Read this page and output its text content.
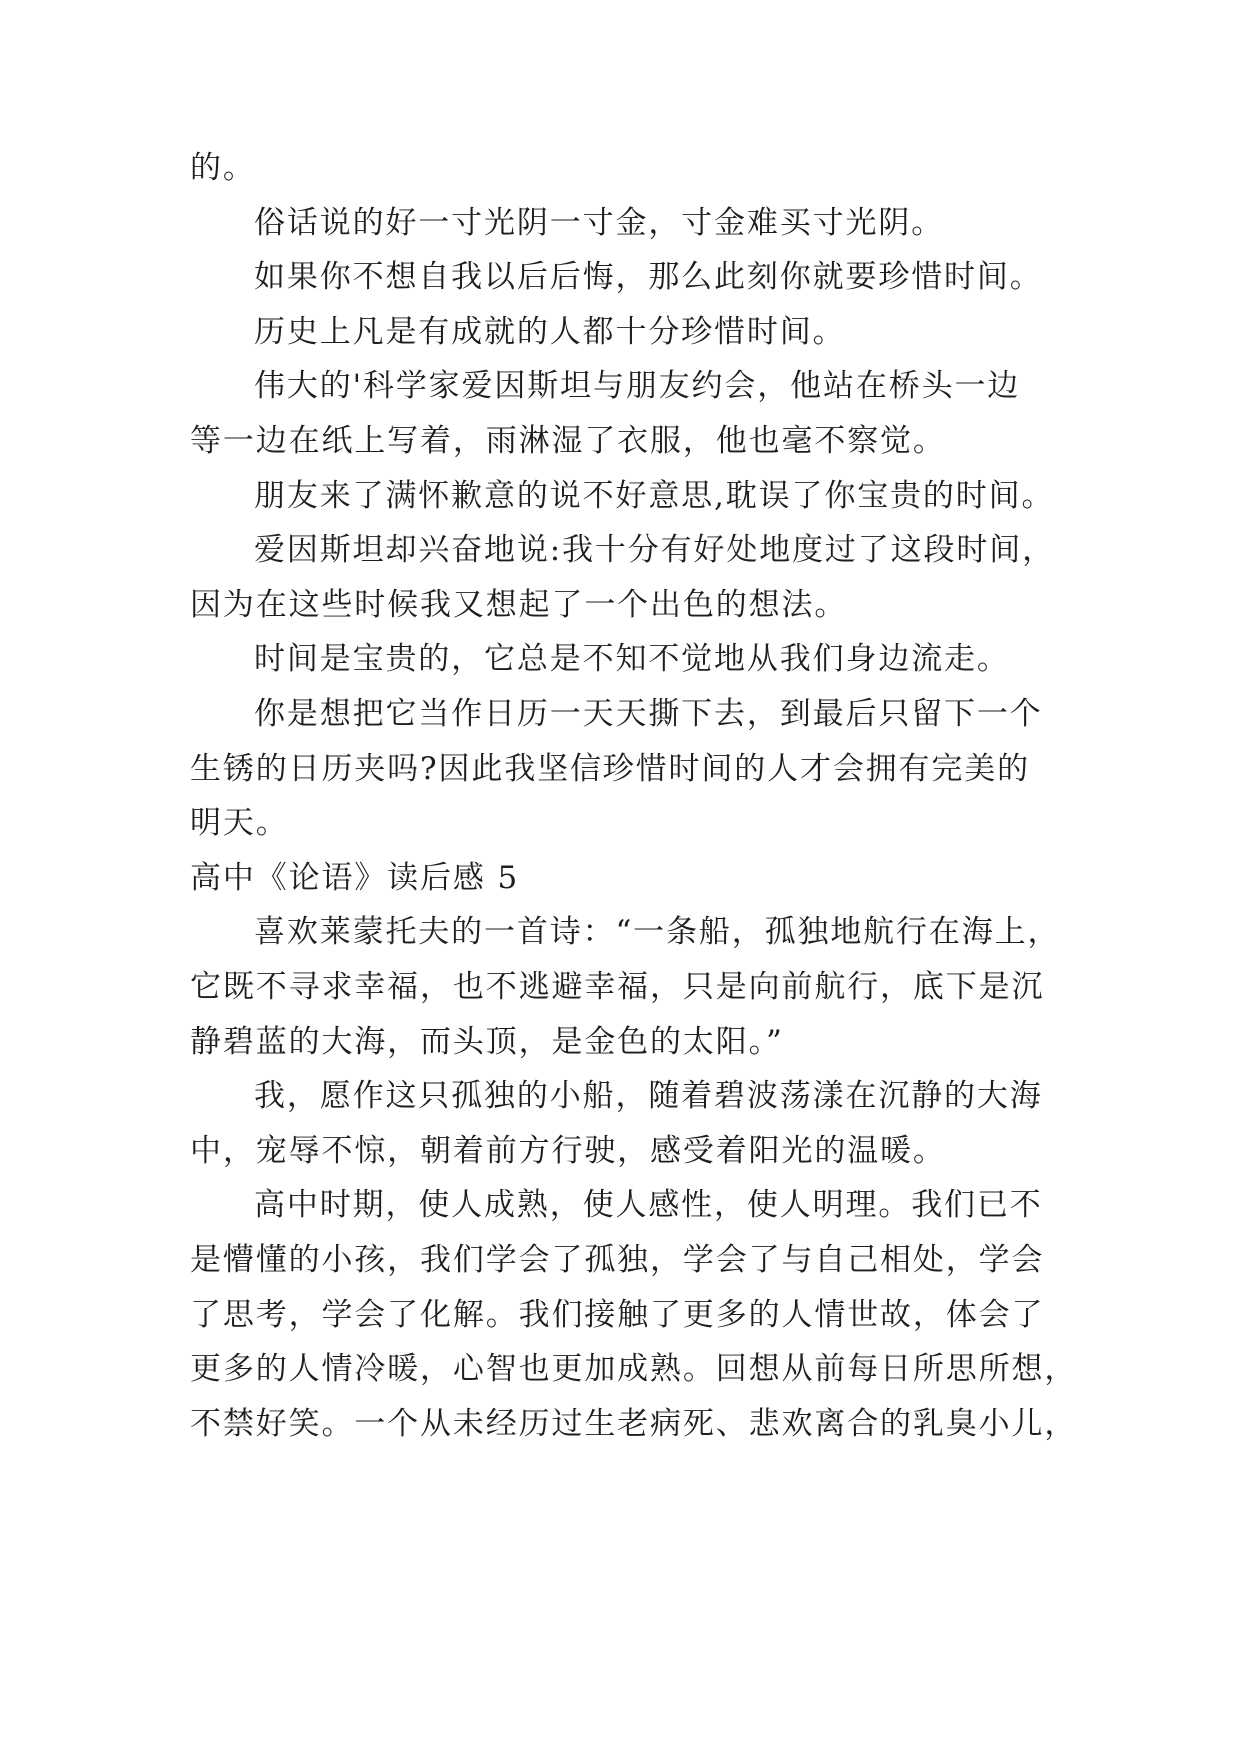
的。
俗话说的好一寸光阴一寸金，寸金难买寸光阴。
如果你不想自我以后后悔，那么此刻你就要珍惜时间。
历史上凡是有成就的人都十分珍惜时间。
伟大的'科学家爱因斯坦与朋友约会，他站在桥头一边
等一边在纸上写着，雨淋湿了衣服，他也毫不察觉。
朋友来了满怀歉意的说不好意思,耽误了你宝贵的时间。
爱因斯坦却兴奋地说:我十分有好处地度过了这段时间，
因为在这些时候我又想起了一个出色的想法。
时间是宝贵的，它总是不知不觉地从我们身边流走。
你是想把它当作日历一天天撕下去，到最后只留下一个
生锈的日历夹吗?因此我坚信珍惜时间的人才会拥有完美的
明天。
高中《论语》读后感 5
喜欢莱蒙托夫的一首诗：“一条船，孤独地航行在海上，
它既不寻求幸福，也不逃避幸福，只是向前航行，底下是沉
静碧蓝的大海，而头顶，是金色的太阳。”
我，愿作这只孤独的小船，随着碧波荡漾在沉静的大海
中，宠辱不惊，朝着前方行驶，感受着阳光的温暖。
高中时期，使人成熟，使人感性，使人明理。我们已不
是懵懂的小孩，我们学会了孤独，学会了与自己相处，学会
了思考，学会了化解。我们接触了更多的人情世故，体会了
更多的人情冷暖，心智也更加成熟。回想从前每日所思所想，
不禁好笑。一个从未经历过生老病死、悲欢离合的乳臭小儿，
